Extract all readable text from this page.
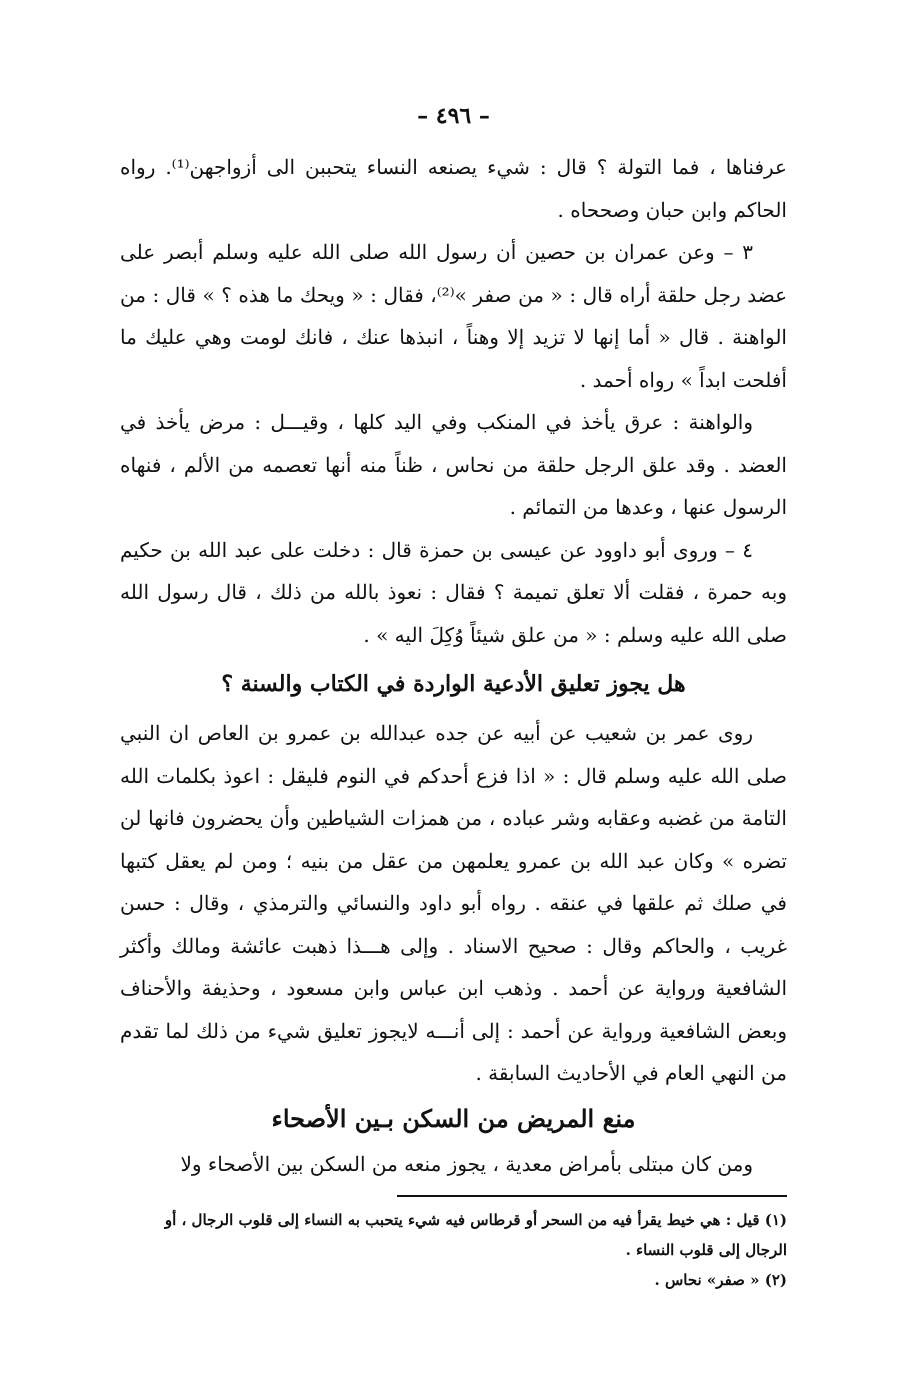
– ٤٩٦ –

عرفناها ، فما التولة ؟ قال : شيء يصنعه النساء يتحببن الى أزواجهن⁽¹⁾. رواه الحاكم وابن حبان وصححاه .

٣ – وعن عمران بن حصين أن رسول الله صلى الله عليه وسلم أبصر على عضد رجل حلقة أراه قال : « من صفر »⁽²⁾، فقال : « ويحك ما هذه ؟ » قال : من الواهنة . قال « أما إنها لا تزيد إلا وهناً ، انبذها عنك ، فانك لومت وهي عليك ما أفلحت ابداً » رواه أحمد .

والواهنة : عرق يأخذ في المنكب وفي اليد كلها ، وقيـــل : مرض يأخذ في العضد . وقد علق الرجل حلقة من نحاس ، ظناً منه أنها تعصمه من الألم ، فنهاه الرسول عنها ، وعدها من التمائم .

٤ – وروى أبو داوود عن عيسى بن حمزة قال : دخلت على عبد الله بن حكيم وبه حمرة ، فقلت ألا تعلق تميمة ؟ فقال : نعوذ بالله من ذلك ، قال رسول الله صلى الله عليه وسلم : « من علق شيئاً وُكِلَ اليه » .

هل يجوز تعليق الأدعية الواردة في الكتاب والسنة ؟

روى عمر بن شعيب عن أبيه عن جده عبدالله بن عمرو بن العاص ان النبي صلى الله عليه وسلم قال : « اذا فزع أحدكم في النوم فليقل : اعوذ بكلمات الله التامة من غضبه وعقابه وشر عباده ، من همزات الشياطين وأن يحضرون فانها لن تضره » وكان عبد الله بن عمرو يعلمهن من عقل من بنيه ؛ ومن لم يعقل كتبها في صلك ثم علقها في عنقه . رواه أبو داود والنسائي والترمذي ، وقال : حسن غريب ، والحاكم وقال : صحيح الاسناد . وإلى هـــذا ذهبت عائشة ومالك وأكثر الشافعية ورواية عن أحمد . وذهب ابن عباس وابن مسعود ، وحذيفة والأحناف وبعض الشافعية ورواية عن أحمد : إلى أنـــه لايجوز تعليق شيء من ذلك لما تقدم من النهي العام في الأحاديث السابقة .

منع المريض من السكن بـين الأصحاء

ومن كان مبتلى بأمراض معدية ، يجوز منعه من السكن بين الأصحاء ولا

(١) قيل : هي خيط يقرأ فيه من السحر أو قرطاس فيه شيء يتحبب به النساء إلى قلوب الرجال ، أو الرجال إلى قلوب النساء .

(٢) « صفر» نحاس .
